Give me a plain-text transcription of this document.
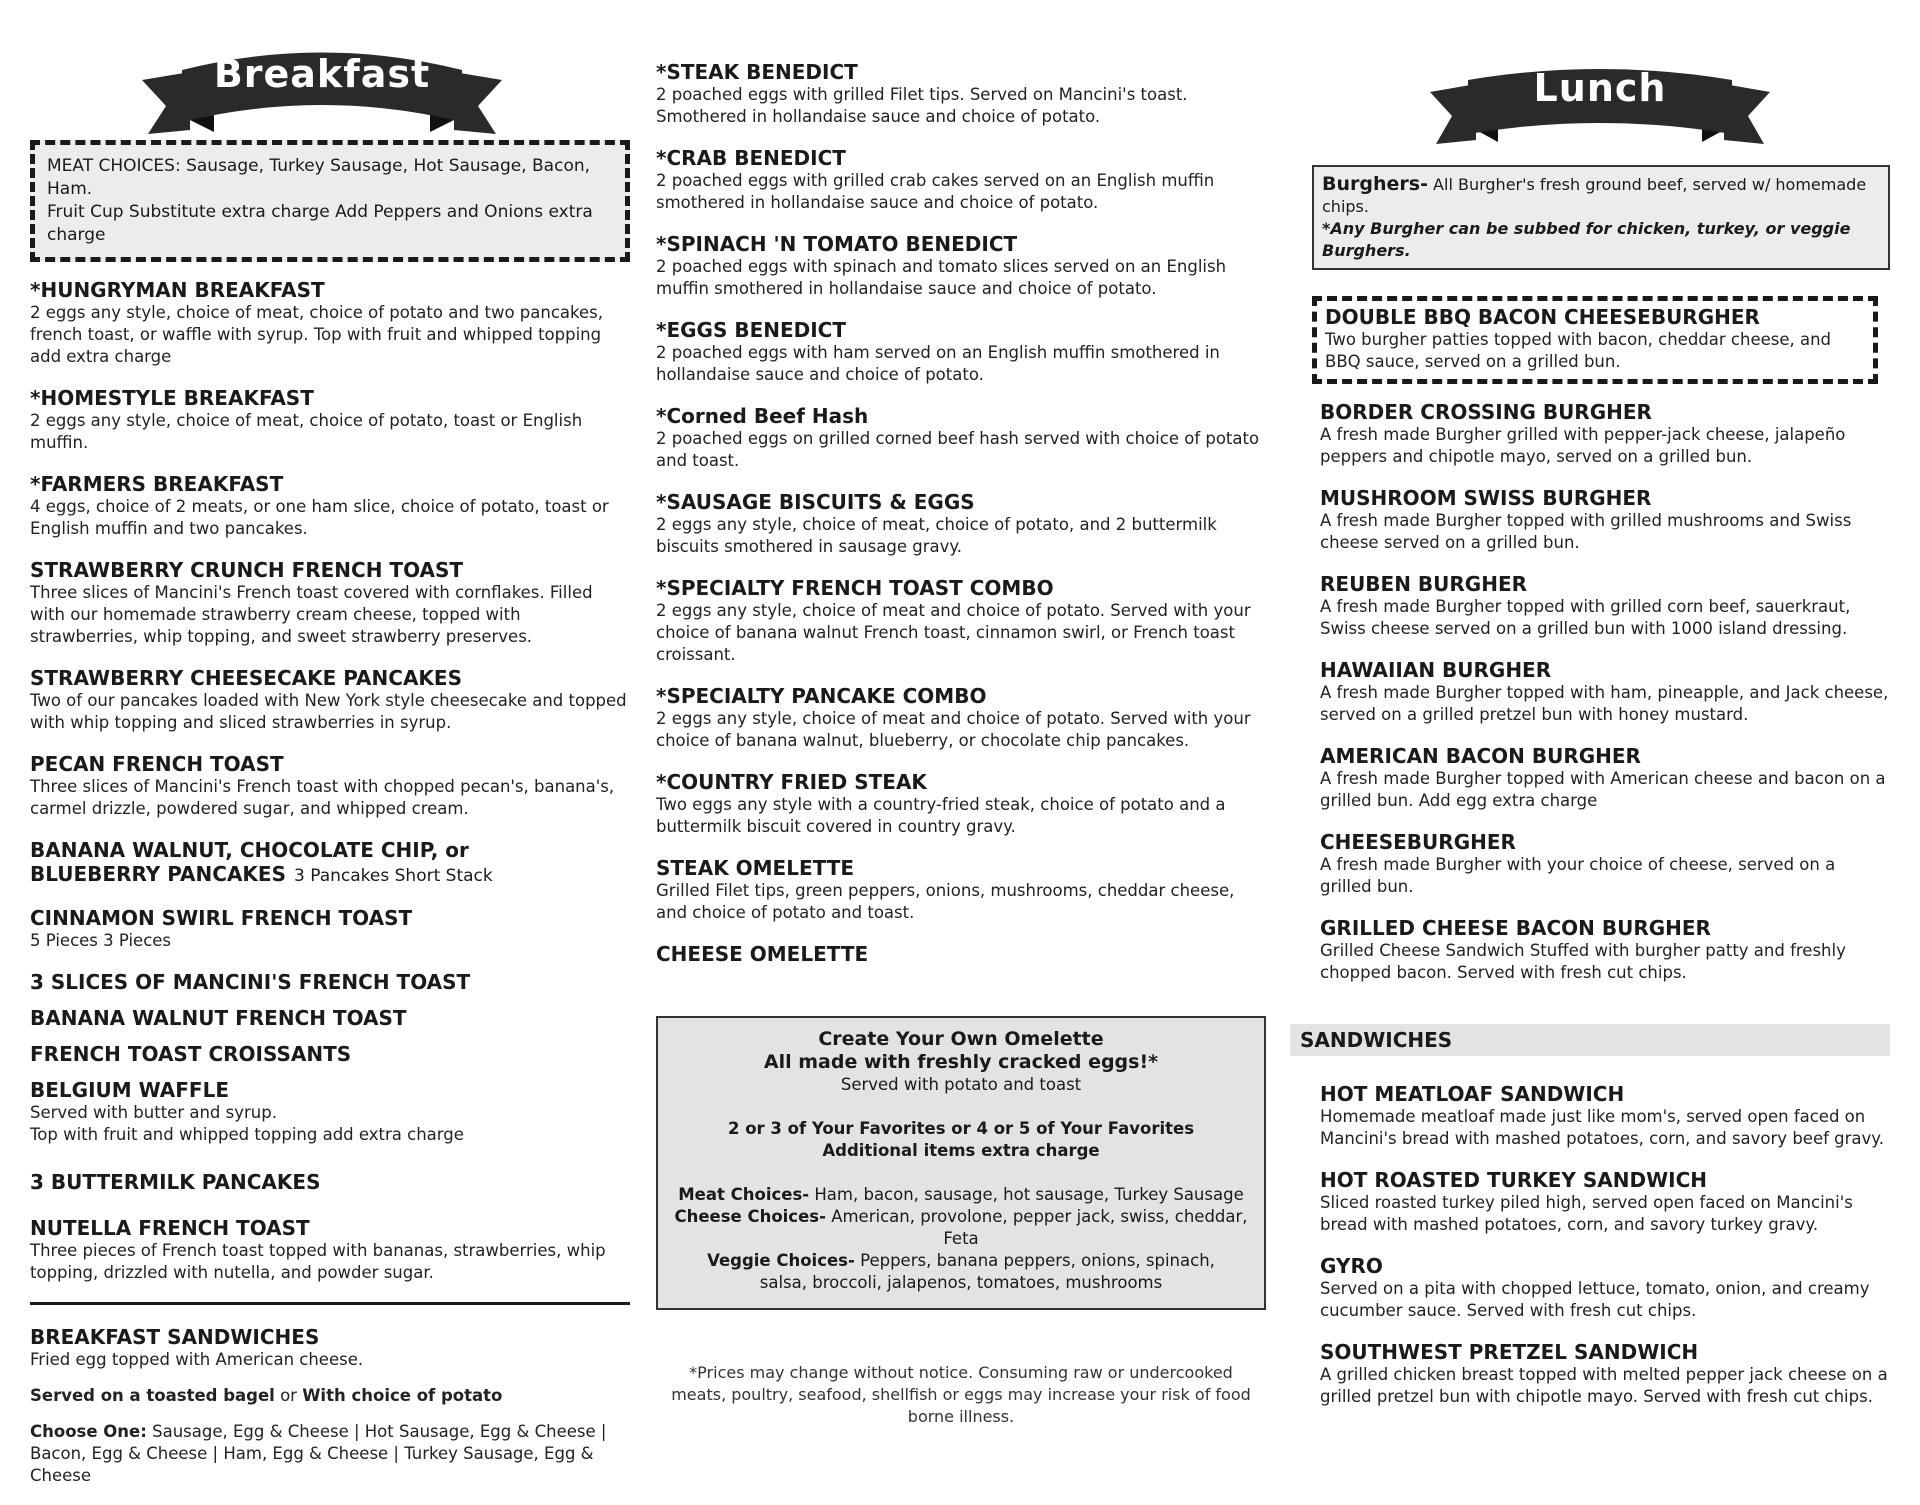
Breakfast
MEAT CHOICES: Sausage, Turkey Sausage, Hot Sausage, Bacon, Ham.
Fruit Cup Substitute extra charge Add Peppers and Onions extra charge
*HUNGRYMAN BREAKFAST
2 eggs any style, choice of meat, choice of potato and two pancakes, french toast, or waffle with syrup. Top with fruit and whipped topping add extra charge
*HOMESTYLE BREAKFAST
2 eggs any style, choice of meat, choice of potato, toast or English muffin.
*FARMERS BREAKFAST
4 eggs, choice of 2 meats, or one ham slice, choice of potato, toast or English muffin and two pancakes.
STRAWBERRY CRUNCH FRENCH TOAST
Three slices of Mancini's French toast covered with cornflakes. Filled with our homemade strawberry cream cheese, topped with strawberries, whip topping, and sweet strawberry preserves.
STRAWBERRY CHEESECAKE PANCAKES
Two of our pancakes loaded with New York style cheesecake and topped with whip topping and sliced strawberries in syrup.
PECAN FRENCH TOAST
Three slices of Mancini's French toast with chopped pecan's, banana's, carmel drizzle, powdered sugar, and whipped cream.
BANANA WALNUT, CHOCOLATE CHIP, or BLUEBERRY PANCAKES 3 Pancakes Short Stack
CINNAMON SWIRL FRENCH TOAST
5 Pieces 3 Pieces
3 SLICES OF MANCINI'S FRENCH TOAST
BANANA WALNUT FRENCH TOAST
FRENCH TOAST CROISSANTS
BELGIUM WAFFLE
Served with butter and syrup.
Top with fruit and whipped topping add extra charge
3 BUTTERMILK PANCAKES
NUTELLA FRENCH TOAST
Three pieces of French toast topped with bananas, strawberries, whip topping, drizzled with nutella, and powder sugar.
BREAKFAST SANDWICHES
Fried egg topped with American cheese.
Served on a toasted bagel or With choice of potato
Choose One: Sausage, Egg & Cheese | Hot Sausage, Egg & Cheese | Bacon, Egg & Cheese | Ham, Egg & Cheese | Turkey Sausage, Egg & Cheese
*STEAK BENEDICT
2 poached eggs with grilled Filet tips. Served on Mancini's toast. Smothered in hollandaise sauce and choice of potato.
*CRAB BENEDICT
2 poached eggs with grilled crab cakes served on an English muffin smothered in hollandaise sauce and choice of potato.
*SPINACH 'N TOMATO BENEDICT
2 poached eggs with spinach and tomato slices served on an English muffin smothered in hollandaise sauce and choice of potato.
*EGGS BENEDICT
2 poached eggs with ham served on an English muffin smothered in hollandaise sauce and choice of potato.
*Corned Beef Hash
2 poached eggs on grilled corned beef hash served with choice of potato and toast.
*SAUSAGE BISCUITS & EGGS
2 eggs any style, choice of meat, choice of potato, and 2 buttermilk biscuits smothered in sausage gravy.
*SPECIALTY FRENCH TOAST COMBO
2 eggs any style, choice of meat and choice of potato. Served with your choice of banana walnut French toast, cinnamon swirl, or French toast croissant.
*SPECIALTY PANCAKE COMBO
2 eggs any style, choice of meat and choice of potato. Served with your choice of banana walnut, blueberry, or chocolate chip pancakes.
*COUNTRY FRIED STEAK
Two eggs any style with a country-fried steak, choice of potato and a buttermilk biscuit covered in country gravy.
STEAK OMELETTE
Grilled Filet tips, green peppers, onions, mushrooms, cheddar cheese, and choice of potato and toast.
CHEESE OMELETTE
Create Your Own Omelette
All made with freshly cracked eggs!*
Served with potato and toast
2 or 3 of Your Favorites or 4 or 5 of Your Favorites
Additional items extra charge
Meat Choices- Ham, bacon, sausage, hot sausage, Turkey Sausage
Cheese Choices- American, provolone, pepper jack, swiss, cheddar, Feta
Veggie Choices- Peppers, banana peppers, onions, spinach, salsa, broccoli, jalapenos, tomatoes, mushrooms
*Prices may change without notice. Consuming raw or undercooked meats, poultry, seafood, shellfish or eggs may increase your risk of food borne illness.
Lunch
Burghers- All Burgher's fresh ground beef, served w/ homemade chips.
*Any Burgher can be subbed for chicken, turkey, or veggie Burghers.
DOUBLE BBQ BACON CHEESEBURGHER
Two burgher patties topped with bacon, cheddar cheese, and BBQ sauce, served on a grilled bun.
BORDER CROSSING BURGHER
A fresh made Burgher grilled with pepper-jack cheese, jalapeño peppers and chipotle mayo, served on a grilled bun.
MUSHROOM SWISS BURGHER
A fresh made Burgher topped with grilled mushrooms and Swiss cheese served on a grilled bun.
REUBEN BURGHER
A fresh made Burgher topped with grilled corn beef, sauerkraut, Swiss cheese served on a grilled bun with 1000 island dressing.
HAWAIIAN BURGHER
A fresh made Burgher topped with ham, pineapple, and Jack cheese, served on a grilled pretzel bun with honey mustard.
AMERICAN BACON BURGHER
A fresh made Burgher topped with American cheese and bacon on a grilled bun. Add egg extra charge
CHEESEBURGHER
A fresh made Burgher with your choice of cheese, served on a grilled bun.
GRILLED CHEESE BACON BURGHER
Grilled Cheese Sandwich Stuffed with burgher patty and freshly chopped bacon. Served with fresh cut chips.
SANDWICHES
HOT MEATLOAF SANDWICH
Homemade meatloaf made just like mom's, served open faced on Mancini's bread with mashed potatoes, corn, and savory beef gravy.
HOT ROASTED TURKEY SANDWICH
Sliced roasted turkey piled high, served open faced on Mancini's bread with mashed potatoes, corn, and savory turkey gravy.
GYRO
Served on a pita with chopped lettuce, tomato, onion, and creamy cucumber sauce. Served with fresh cut chips.
SOUTHWEST PRETZEL SANDWICH
A grilled chicken breast topped with melted pepper jack cheese on a grilled pretzel bun with chipotle mayo. Served with fresh cut chips.
